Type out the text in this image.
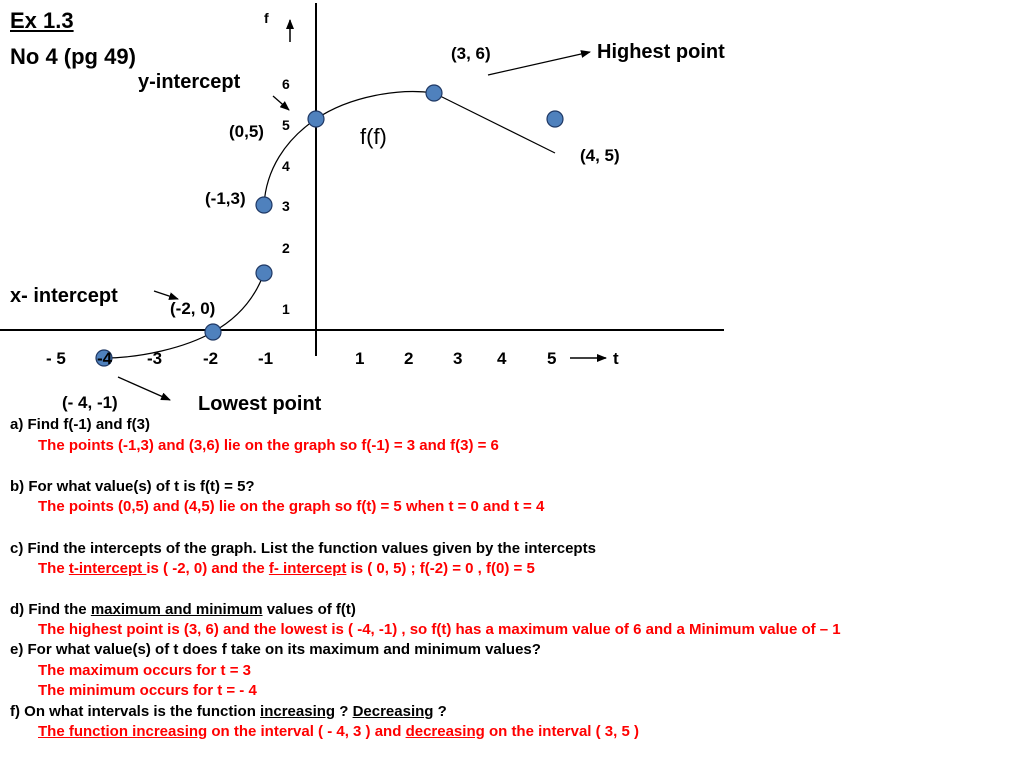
Ex 1.3
No 4 (pg 49)
f
t
6
5
4
3
2
1
- 5 -4 -3 -2 -1	1 2 3 4 5
(3, 6)
(4, 5)
(0,5)
(-1,3)
(-2, 0)
(- 4, -1)
f(f)
Highest point
y-intercept
x- intercept
Lowest point
a) Find f(-1) and f(3)
The points (-1,3) and (3,6) lie on the graph so f(-1) = 3 and f(3) = 6
b) For what value(s) of t is f(t) = 5?
The points (0,5) and (4,5) lie on the graph so f(t) = 5 when t = 0 and t = 4
c) Find the intercepts of the graph. List the function values given by the intercepts
The t-intercept is ( -2, 0) and the f- intercept is ( 0, 5) ; f(-2) = 0 , f(0) = 5
d) Find the maximum and minimum values of f(t)
The highest point is (3, 6) and the lowest is ( -4, -1) , so f(t) has a maximum value of 6 and a Minimum value of – 1
e) For what value(s) of t does f take on its maximum and minimum values?
The maximum occurs for t = 3
The minimum occurs for t = - 4
f) On what intervals is the function increasing ? Decreasing ?
The function increasing on the interval ( - 4, 3 ) and decreasing on the interval ( 3, 5 )
